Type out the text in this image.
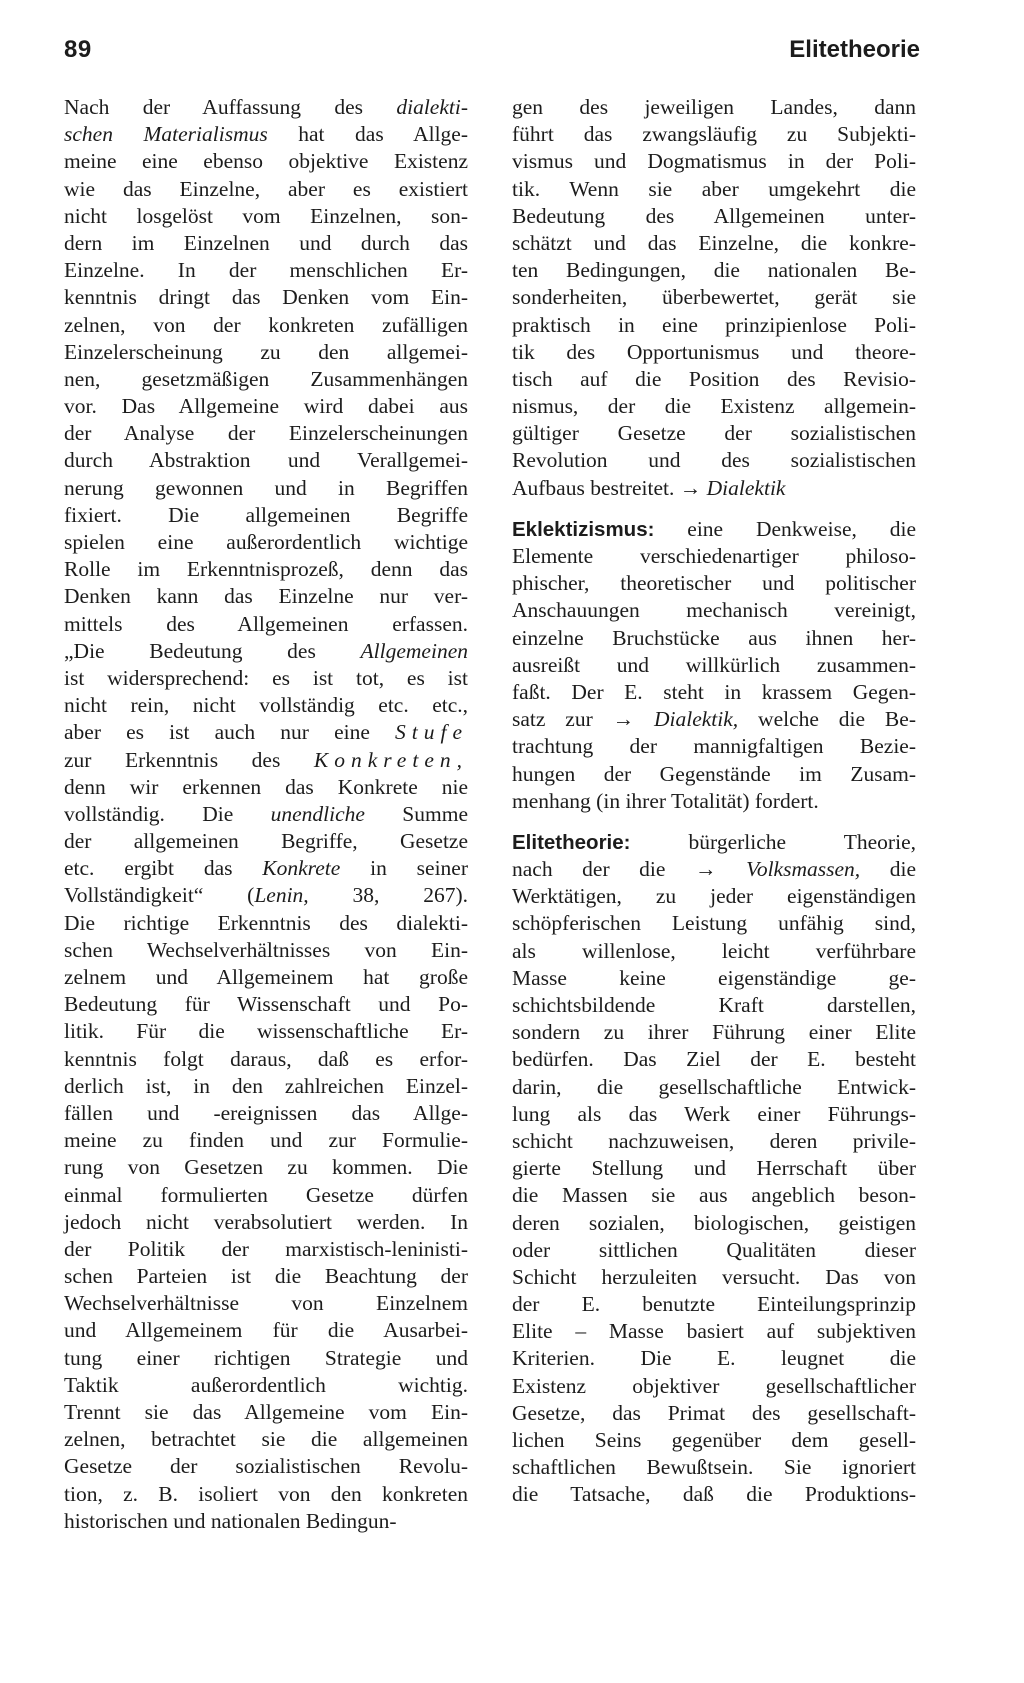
89	Elitetheorie
Nach der Auffassung des dialekti-
schen Materialismus hat das Allge-
meine eine ebenso objektive Existenz
wie das Einzelne, aber es existiert
nicht losgelöst vom Einzelnen, son-
dern im Einzelnen und durch das
Einzelne. In der menschlichen Er-
kenntnis dringt das Denken vom Ein-
zelnen, von der konkreten zufälligen
Einzelerscheinung zu den allgemei-
nen, gesetzmäßigen Zusammenhängen
vor. Das Allgemeine wird dabei aus
der Analyse der Einzelerscheinungen
durch Abstraktion und Verallgemei-
nerung gewonnen und in Begriffen
fixiert. Die allgemeinen Begriffe
spielen eine außerordentlich wichtige
Rolle im Erkenntnisprozeß, denn das
Denken kann das Einzelne nur ver-
mittels des Allgemeinen erfassen.
„Die Bedeutung des Allgemeinen
ist widersprechend: es ist tot, es ist
nicht rein, nicht vollständig etc. etc.,
aber es ist auch nur eine Stufe
zur Erkenntnis des Konkreten,
denn wir erkennen das Konkrete nie
vollständig. Die unendliche Summe
der allgemeinen Begriffe, Gesetze
etc. ergibt das Konkrete in seiner
Vollständigkeit“ (Lenin, 38, 267).
Die richtige Erkenntnis des dialekti-
schen Wechselverhältnisses von Ein-
zelnem und Allgemeinem hat große
Bedeutung für Wissenschaft und Po-
litik. Für die wissenschaftliche Er-
kenntnis folgt daraus, daß es erfor-
derlich ist, in den zahlreichen Einzel-
fällen und -ereignissen das Allge-
meine zu finden und zur Formulie-
rung von Gesetzen zu kommen. Die
einmal formulierten Gesetze dürfen
jedoch nicht verabsolutiert werden. In
der Politik der marxistisch-leninisti-
schen Parteien ist die Beachtung der
Wechselverhältnisse von Einzelnem
und Allgemeinem für die Ausarbei-
tung einer richtigen Strategie und
Taktik außerordentlich wichtig.
Trennt sie das Allgemeine vom Ein-
zelnen, betrachtet sie die allgemeinen
Gesetze der sozialistischen Revolu-
tion, z. B. isoliert von den konkreten
historischen und nationalen Bedingun-
gen des jeweiligen Landes, dann
führt das zwangsläufig zu Subjekti-
vismus und Dogmatismus in der Poli-
tik. Wenn sie aber umgekehrt die
Bedeutung des Allgemeinen unter-
schätzt und das Einzelne, die konkre-
ten Bedingungen, die nationalen Be-
sonderheiten, überbewertet, gerät sie
praktisch in eine prinzipienlose Poli-
tik des Opportunismus und theore-
tisch auf die Position des Revisio-
nismus, der die Existenz allgemein-
gültiger Gesetze der sozialistischen
Revolution und des sozialistischen
Aufbaus bestreitet. → Dialektik
Eklektizismus: eine Denkweise, die
Elemente verschiedenartiger philoso-
phischer, theoretischer und politischer
Anschauungen mechanisch vereinigt,
einzelne Bruchstücke aus ihnen her-
ausreißt und willkürlich zusammen-
faßt. Der E. steht in krassem Gegen-
satz zur → Dialektik, welche die Be-
trachtung der mannigfaltigen Bezie-
hungen der Gegenstände im Zusam-
menhang (in ihrer Totalität) fordert.
Elitetheorie: bürgerliche Theorie,
nach der die → Volksmassen, die
Werktätigen, zu jeder eigenständigen
schöpferischen Leistung unfähig sind,
als willenlose, leicht verführbare
Masse keine eigenständige ge-
schichtsbildende Kraft darstellen,
sondern zu ihrer Führung einer Elite
bedürfen. Das Ziel der E. besteht
darin, die gesellschaftliche Entwick-
lung als das Werk einer Führungs-
schicht nachzuweisen, deren privile-
gierte Stellung und Herrschaft über
die Massen sie aus angeblich beson-
deren sozialen, biologischen, geistigen
oder sittlichen Qualitäten dieser
Schicht herzuleiten versucht. Das von
der E. benutzte Einteilungsprinzip
Elite – Masse basiert auf subjektiven
Kriterien. Die E. leugnet die
Existenz objektiver gesellschaftlicher
Gesetze, das Primat des gesellschaft-
lichen Seins gegenüber dem gesell-
schaftlichen Bewußtsein. Sie ignoriert
die Tatsache, daß die Produktions-
